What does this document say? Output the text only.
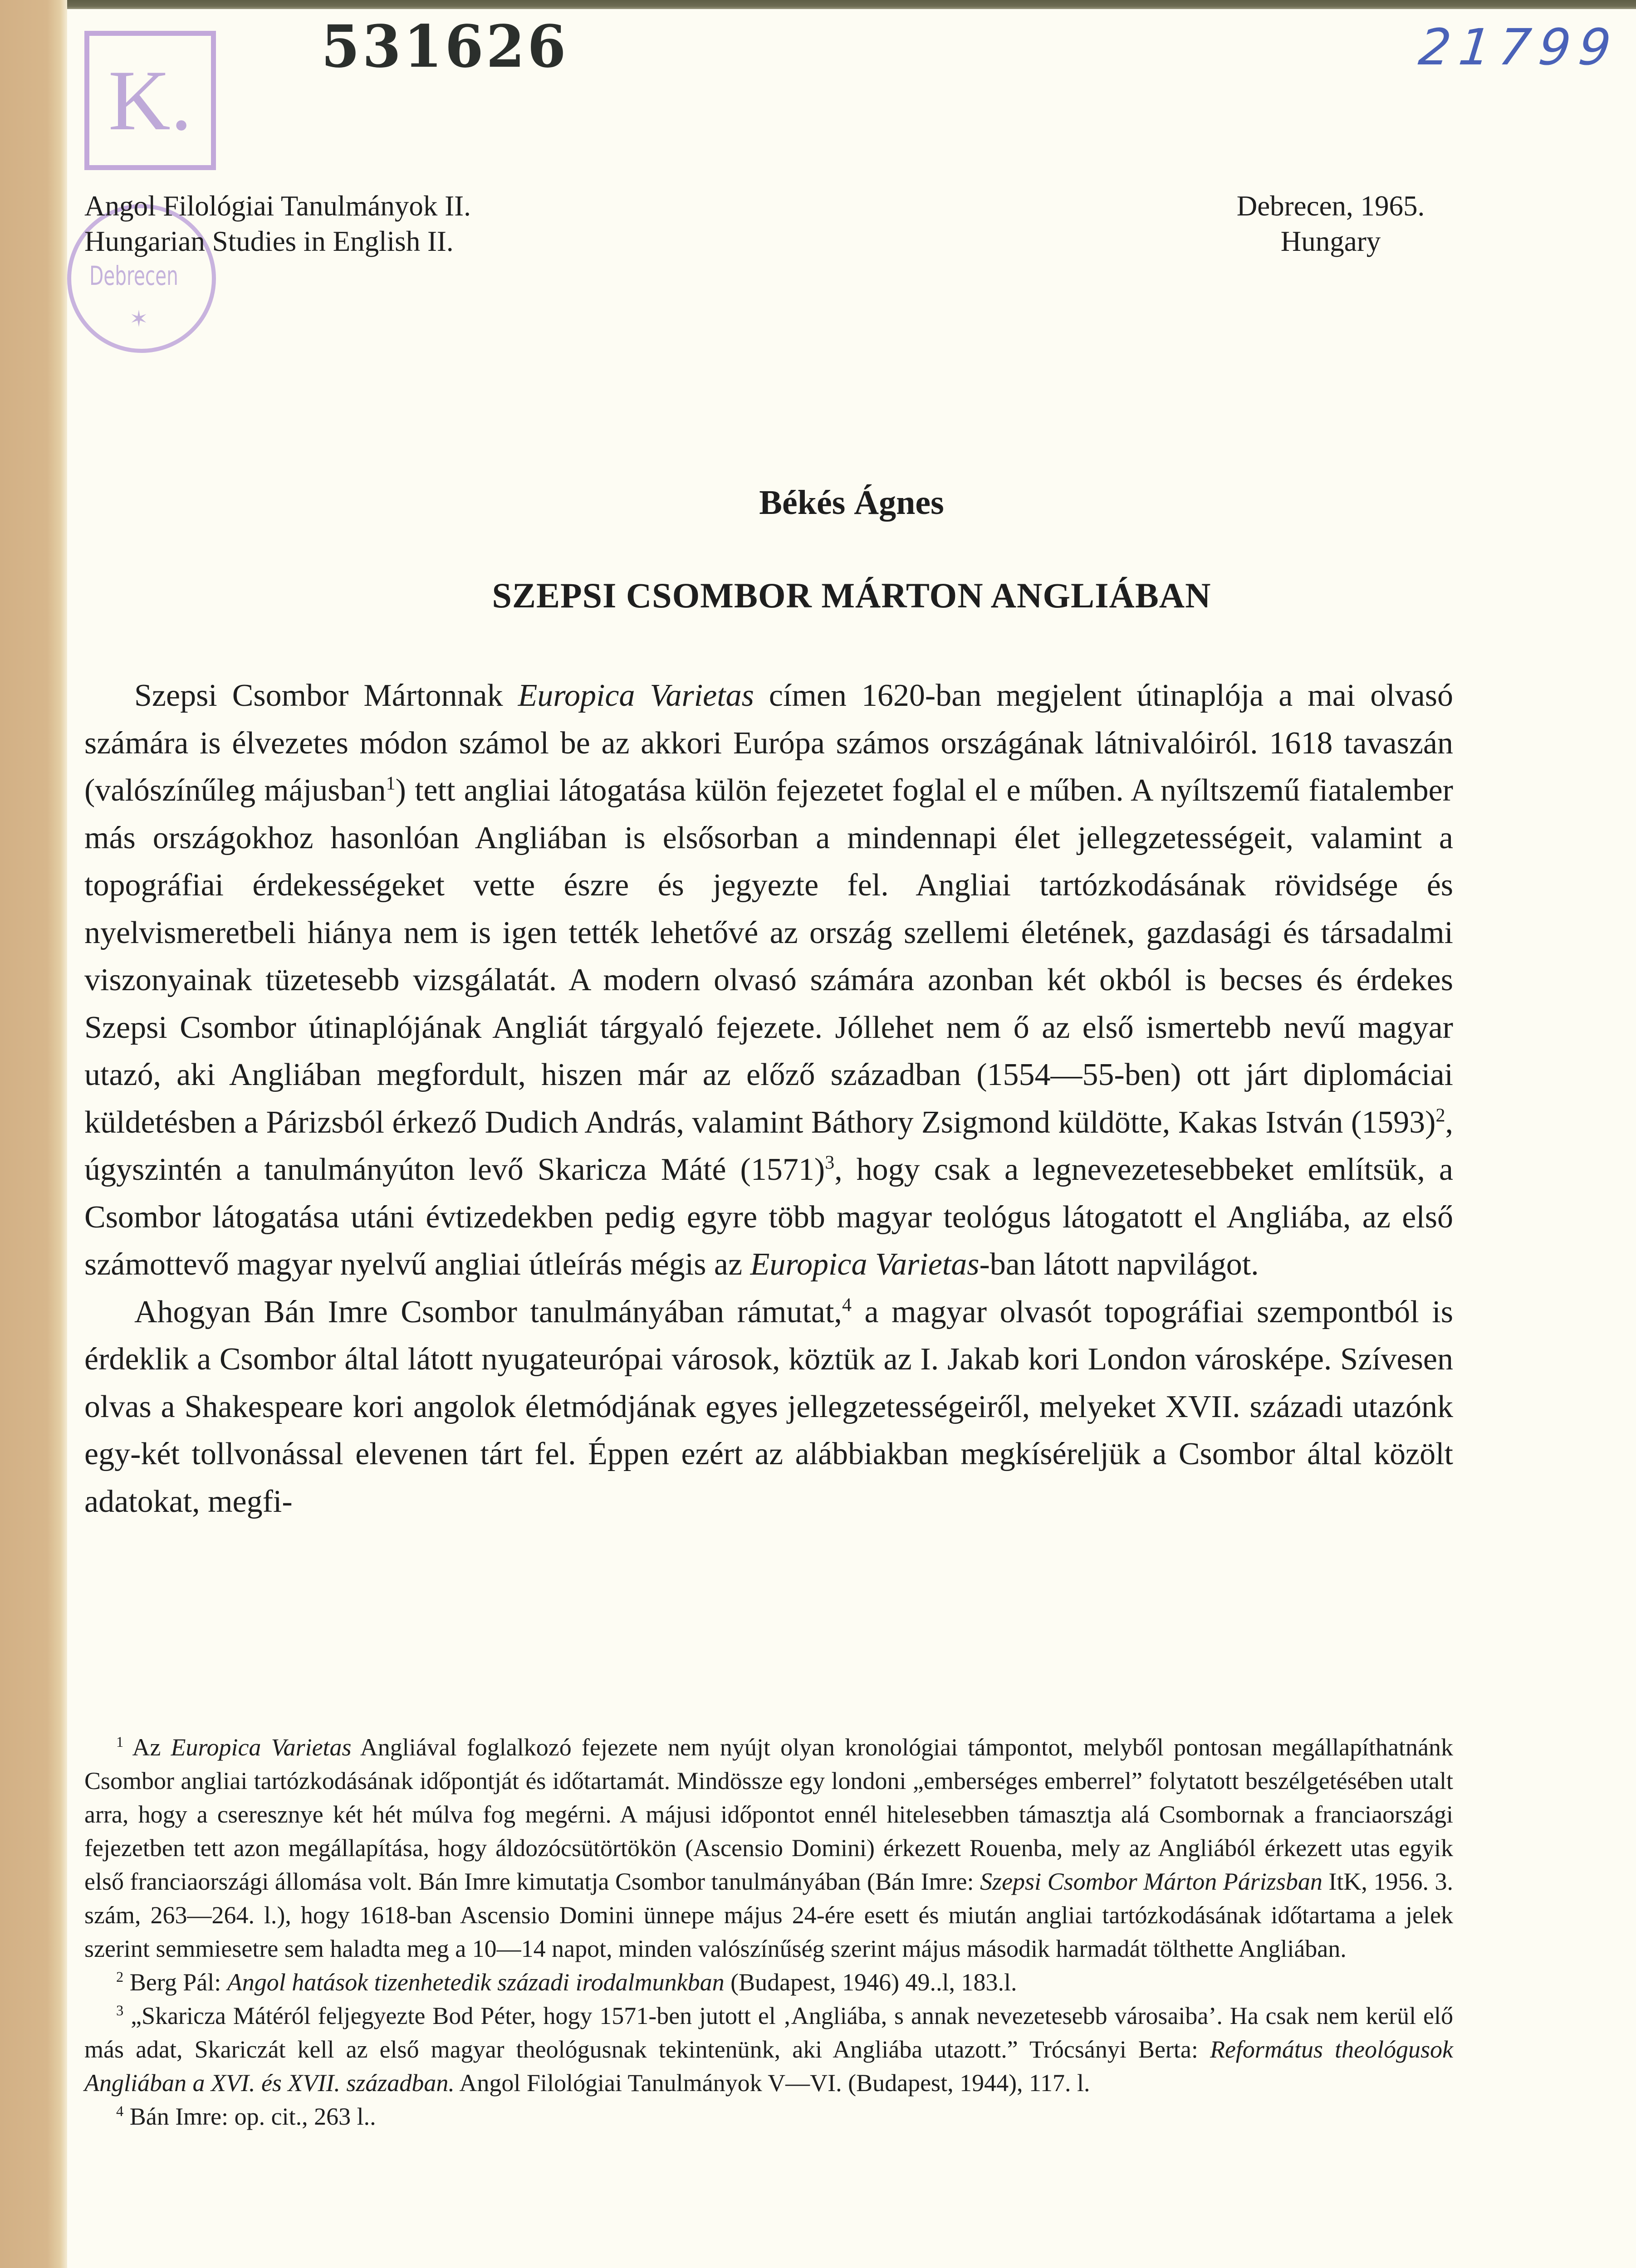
531626
K.
Debrecen
✶
21799
Angol Filológiai Tanulmányok II.
Hungarian Studies in English II.
Debrecen, 1965.
Hungary
Békés Ágnes
SZEPSI CSOMBOR MÁRTON ANGLIÁBAN

Szepsi Csombor Mártonnak Europica Varietas címen 1620-ban megjelent útinaplója a mai olvasó számára is élvezetes módon számol be az akkori Európa számos országának látnivalóiról. 1618 tavaszán (valószínűleg májusban$^1$) tett angliai látogatása külön fejezetet foglal el e műben. A nyíltszemű fiatalember más országokhoz hasonlóan Angliában is elsősorban a mindennapi élet jellegzetességeit, valamint a topográfiai érdekességeket vette észre és jegyezte fel. Angliai tartózkodásának rövidsége és nyelvismeretbeli hiánya nem is igen tették lehetővé az ország szellemi életének, gazdasági és társadalmi viszonyainak tüzetesebb vizsgálatát. A modern olvasó számára azonban két okból is becses és érdekes Szepsi Csombor útinaplójának Angliát tárgyaló fejezete. Jóllehet nem ő az első ismertebb nevű magyar utazó, aki Angliában megfordult, hiszen már az előző században (1554—55-ben) ott járt diplomáciai küldetésben a Párizsból érkező Dudich András, valamint Báthory Zsigmond küldötte, Kakas István $(1593)^2$, úgyszintén a tanulmányúton levő Skaricza Máté $(1571)^3$, hogy csak a legnevezetesebbeket említsük, a Csombor látogatása utáni évtizedekben pedig egyre több magyar teológus látogatott el Angliába, az első számottevő magyar nyelvű angliai útleírás mégis az Europica Varietas-ban látott napvilágot.

Ahogyan Bán Imre Csombor tanulmányában rámutat,$^4$ a magyar olvasót topográfiai szempontból is érdeklik a Csombor által látott nyugateurópai városok, köztük az I. Jakab kori London városképe. Szívesen olvas a Shakespeare kori angolok életmódjának egyes jellegzetességeiről, melyeket XVII. századi utazónk egy-két tollvonással elevenen tárt fel. Éppen ezért az alábbiakban megkíséreljük a Csombor által közölt adatokat, megfi-

$^1$ Az Europica Varietas Angliával foglalkozó fejezete nem nyújt olyan kronológiai támpontot, melyből pontosan megállapíthatnánk Csombor angliai tartózkodásának időpontját és időtartamát. Mindössze egy londoni „emberséges emberrel” folytatott beszélgetésében utalt arra, hogy a cseresznye két hét múlva fog megérni. A májusi időpontot ennél hitelesebben támasztja alá Csombornak a franciaországi fejezetben tett azon megállapítása, hogy áldozócsütörtökön (Ascensio Domini) érkezett Rouenba, mely az Angliából érkezett utas egyik első franciaországi állomása volt. Bán Imre kimutatja Csombor tanulmányában (Bán Imre: Szepsi Csombor Márton Párizsban ItK, 1956. 3. szám, 263—264. l.), hogy 1618-ban Ascensio Domini ünnepe május 24-ére esett és miután angliai tartózkodásának időtartama a jelek szerint semmiesetre sem haladta meg a 10—14 napot, minden valószínűség szerint május második harmadát tölthette Angliában.

$^2$ Berg Pál: Angol hatások tizenhetedik századi irodalmunkban (Budapest, 1946) 49..l, 183.l.

$^3$ „Skaricza Mátéról feljegyezte Bod Péter, hogy 1571-ben jutott el ‚Angliába, s annak nevezetesebb városaiba’. Ha csak nem kerül elő más adat, Skariczát kell az első magyar theológusnak tekintenünk, aki Angliába utazott.” Trócsányi Berta: Református theológusok Angliában a XVI. és XVII. században. Angol Filológiai Tanulmányok V—VI. (Budapest, 1944), 117. l.

$^4$ Bán Imre: op. cit., 263 l..
